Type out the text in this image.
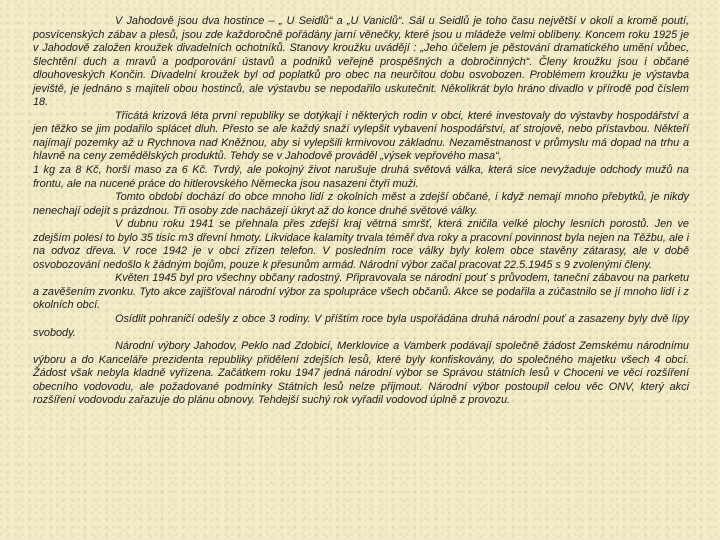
V Jahodově jsou dva hostince – „ U Seidlů“ a „U Vaniclů“. Sál u Seidlů je toho času největší v okolí a kromě poutí, posvícenských zábav a plesů, jsou zde každoročně pořádány jarní věnečky, které jsou u mládeže velmi oblíbeny. Koncem roku 1925 je v Jahodově založen kroužek divadelních ochotníků. Stanovy kroužku uvádějí : „Jeho účelem je pěstování dramatického umění vůbec, šlechtění duch a mravů a podporování ústavů a podniků veřejně prospěšných a dobročinných“. Členy kroužku jsou i občané dlouhoveských Končin. Divadelní kroužek byl od poplatků pro obec na neurčitou dobu osvobozen. Problémem kroužku je výstavba jeviště, je jednáno s majiteli obou hostinců, ale výstavbu se nepodařilo uskutečnit. Několikrát bylo hráno divadlo v přírodě pod číslem 18.

Třicátá krizová léta první republiky se dotýkají i některých rodin v obci, které investovaly do výstavby hospodářství a jen těžko se jim podařilo splácet dluh. Přesto se ale každý snaží vylepšit vybavení hospodářství, ať strojově, nebo přístavbou. Někteří najímají pozemky až u Rychnova nad Kněžnou, aby si vylepšili krmivovou základnu. Nezaměstnanost v průmyslu má dopad na trhu a hlavně na ceny zemědělských produktů. Tehdy se v Jahodově prováděl „výsek vepřového masa“,

1 kg za 8 Kč, horší maso za 6 Kč. Tvrdý, ale pokojný život narušuje druhá světová válka, která sice nevyžaduje odchody mužů na frontu, ale na nucené práce do hitlerovského Německa jsou nasazeni čtyři muži.

Tomto období dochází do obce mnoho lidí z okolních měst a zdejší občané, i když nemají mnoho přebytků, je nikdy nenechají odejít s prázdnou. Tři osoby zde nacházejí úkryt až do konce druhé světové války.

V dubnu roku 1941 se přehnala přes zdejší kraj větrná smršť, která zničila velké plochy lesních porostů. Jen ve zdejším polesí to bylo 35 tisíc m3 dřevní hmoty. Likvidace kalamity trvala téměř dva roky a pracovní povinnost byla nejen na Těžbu, ale i na odvoz dřeva. V roce 1942 je v obci zřízen telefon. V posledním roce války byly kolem obce stavěny zátarasy, ale v době osvobozování nedošlo k žádným bojům, pouze k přesunům armád. Národní výbor začal pracovat 22.5.1945 s 9 zvolenými členy.

Květen 1945 byl pro všechny občany radostný. Připravovala se národní pouť s průvodem, taneční zábavou na parketu a zavěšením zvonku. Tyto akce zajišťoval národní výbor za spolupráce všech občanů. Akce se podařila a zúčastnilo se jí mnoho lidí i z okolních obcí.

Osídlit pohraničí odešly z obce 3 rodiny. V příštím roce byla uspořádána druhá národní pouť a zasazeny byly dvě lípy svobody.

Národní výbory Jahodov, Peklo nad Zdobicí, Merklovice a Vamberk podávají společně žádost Zemskému národnímu výboru a do Kanceláře prezidenta republiky přidělení zdejších lesů, které byly konfiskovány, do společného majetku všech 4 obcí. Žádost však nebyla kladně vyřízena. Začátkem roku 1947 jedná národní výbor se Správou státních lesů v Choceni ve věci rozšíření obecního vodovodu, ale požadované podmínky Státních lesů nelze přijmout. Národní výbor postoupil celou věc ONV, který akci rozšíření vodovodu zařazuje do plánu obnovy. Tehdejší suchý rok vyřadil vodovod úplně z provozu.
